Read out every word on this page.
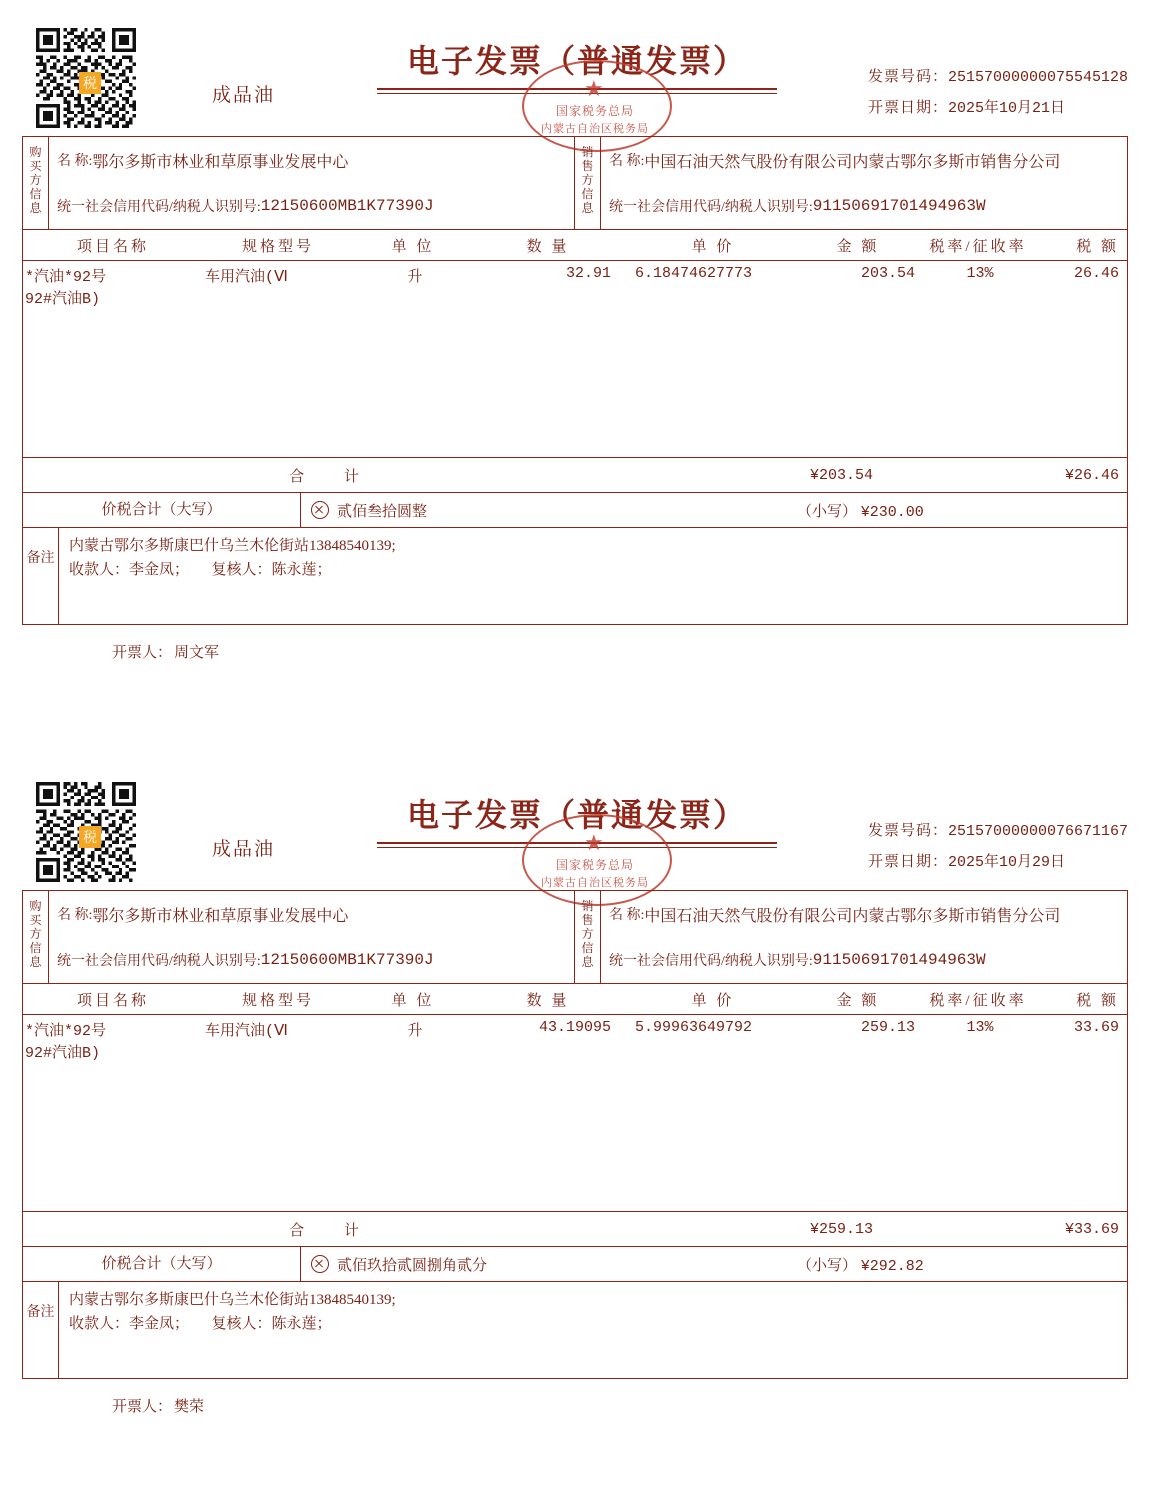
税
成品油
电子发票（普通发票）
★
国家税务总局
内蒙古自治区税务局
发票号码：25157000000075545128
开票日期：2025年10月21日
购买方信息
名 称: 鄂尔多斯市林业和草原事业发展中心
统一社会信用代码/纳税人识别号: 12150600MB1K77390J
销售方信息
名 称: 中国石油天然气股份有限公司内蒙古鄂尔多斯市销售分公司
统一社会信用代码/纳税人识别号: 91150691701494963W
项目名称	规格型号	单 位	数 量	单 价	金 额	税率/征收率	税 额
*汽油*92号	车用汽油(Ⅵ	升	32.91	6.18474627773	203.54	13%	26.46
92#汽油B)
合 计	¥203.54	¥26.46
价税合计（大写）	贰佰叁拾圆整	（小写） ¥230.00
备注
内蒙古鄂尔多斯康巴什乌兰木伦街站13848540139;
收款人：李金凤；      复核人：陈永莲；
开票人： 周文军
税
成品油
电子发票（普通发票）
★
国家税务总局
内蒙古自治区税务局
发票号码：25157000000076671167
开票日期：2025年10月29日
购买方信息
名 称: 鄂尔多斯市林业和草原事业发展中心
统一社会信用代码/纳税人识别号: 12150600MB1K77390J
销售方信息
名 称: 中国石油天然气股份有限公司内蒙古鄂尔多斯市销售分公司
统一社会信用代码/纳税人识别号: 91150691701494963W
项目名称	规格型号	单 位	数 量	单 价	金 额	税率/征收率	税 额
*汽油*92号	车用汽油(Ⅵ	升	43.19095	5.99963649792	259.13	13%	33.69
92#汽油B)
合 计	¥259.13	¥33.69
价税合计（大写）	贰佰玖拾贰圆捌角贰分	（小写） ¥292.82
备注
内蒙古鄂尔多斯康巴什乌兰木伦街站13848540139;
收款人：李金凤；      复核人：陈永莲；
开票人： 樊荣
